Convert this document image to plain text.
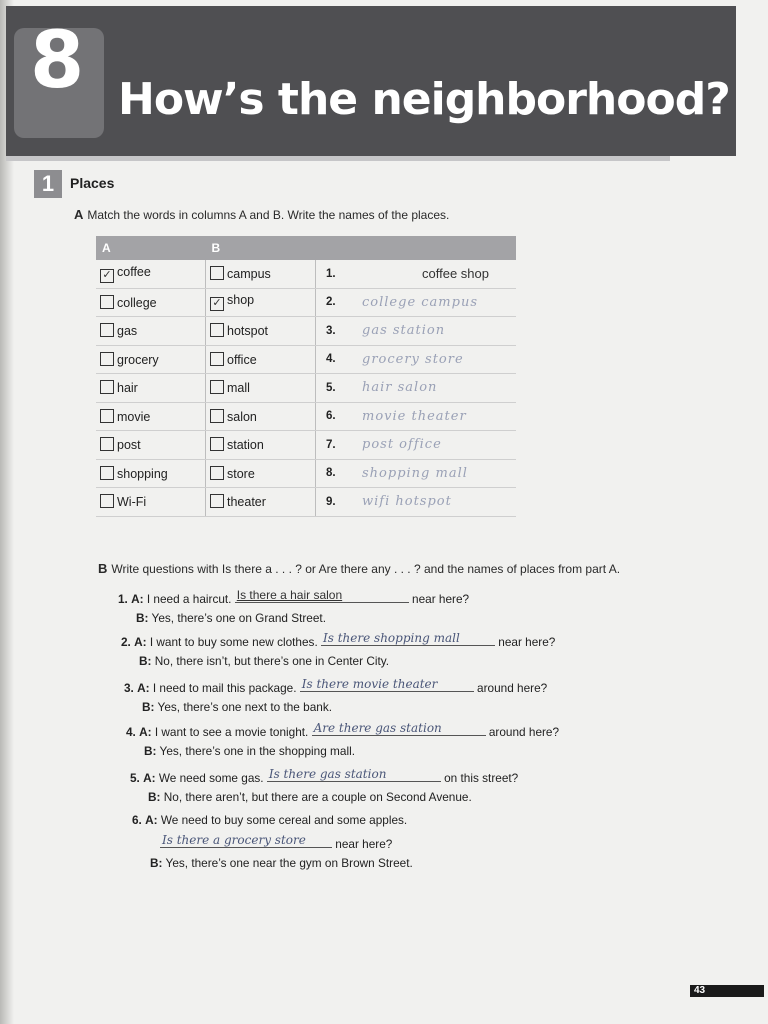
8 How’s the neighborhood?
1	Places
A Match the words in columns A and B. Write the names of the places.
A	B		
✓ coffee	campus	1.	coffee shop
college	✓ shop	2.	college campus
gas	hotspot	3.	gas station
grocery	office	4.	grocery store
hair	mall	5.	hair salon
movie	salon	6.	movie theater
post	station	7.	post office
shopping	store	8.	shopping mall
Wi-Fi	theater	9.	wifi hotspot
B Write questions with Is there a . . . ? or Are there any . . . ? and the names of places from part A.
1. A: I need a haircut. Is there a hair salon	near here?
B: Yes, there’s one on Grand Street.
2. A: I want to buy some new clothes. Is there shopping mall	near here?
B: No, there isn’t, but there’s one in Center City.
3. A: I need to mail this package. Is there movie theater	around here?
B: Yes, there’s one next to the bank.
4. A: I want to see a movie tonight. Are there gas station	around here?
B: Yes, there’s one in the shopping mall.
5. A: We need some gas. Is there gas station	on this street?
B: No, there aren’t, but there are a couple on Second Avenue.
6. A: We need to buy some cereal and some apples.
Is there a grocery store near here?
B: Yes, there’s one near the gym on Brown Street.
43
